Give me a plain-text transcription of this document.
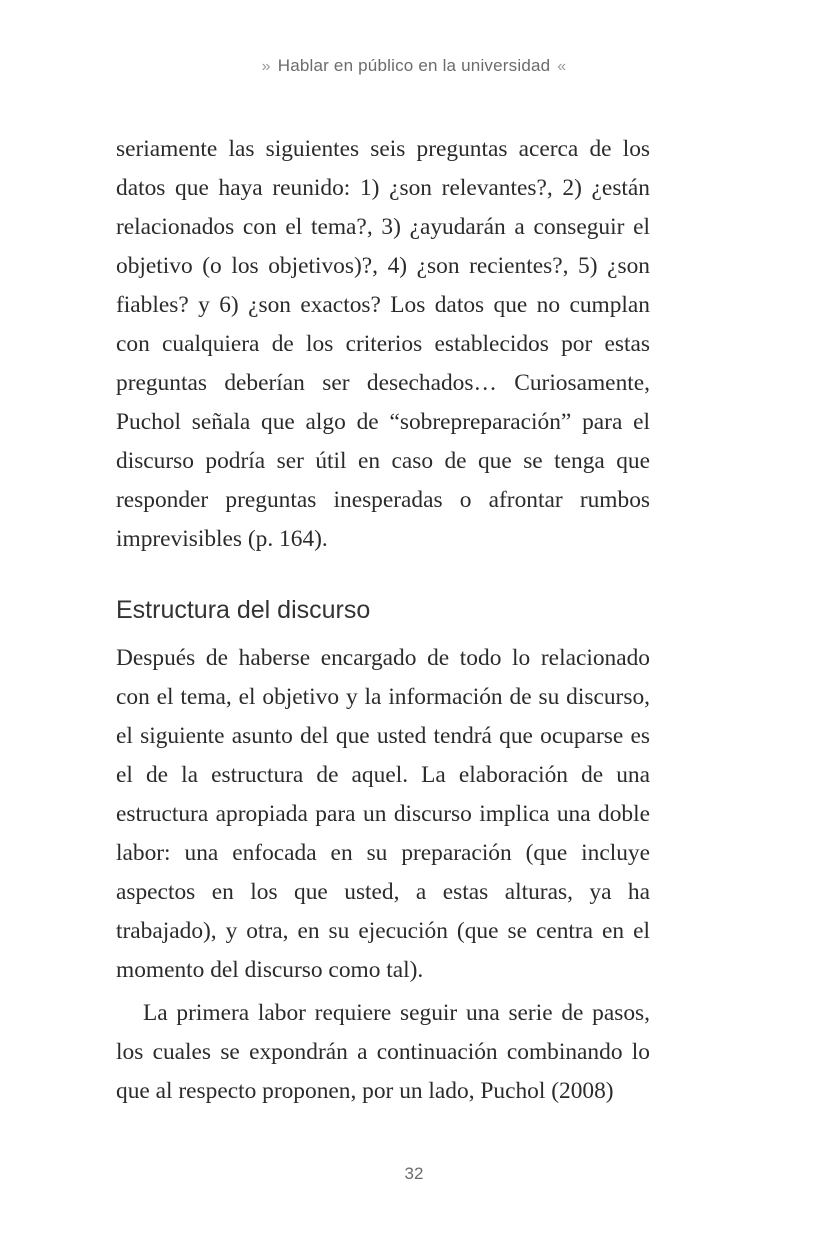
» Hablar en público en la universidad «

seriamente las siguientes seis preguntas acerca de los datos que haya reunido: 1) ¿son relevantes?, 2) ¿están relacionados con el tema?, 3) ¿ayudarán a conseguir el objetivo (o los objetivos)?, 4) ¿son recientes?, 5) ¿son fiables? y 6) ¿son exactos? Los datos que no cumplan con cualquiera de los criterios establecidos por estas preguntas deberían ser desechados… Curiosamente, Puchol señala que algo de “sobrepreparación” para el discurso podría ser útil en caso de que se tenga que responder preguntas inesperadas o afrontar rumbos imprevisibles (p. 164).

Estructura del discurso

Después de haberse encargado de todo lo relacionado con el tema, el objetivo y la información de su discurso, el siguiente asunto del que usted tendrá que ocuparse es el de la estructura de aquel. La elaboración de una estructura apropiada para un discurso implica una doble labor: una enfocada en su preparación (que incluye aspectos en los que usted, a estas alturas, ya ha trabajado), y otra, en su ejecución (que se centra en el momento del discurso como tal).

La primera labor requiere seguir una serie de pasos, los cuales se expondrán a continuación combinando lo que al respecto proponen, por un lado, Puchol (2008)

32
